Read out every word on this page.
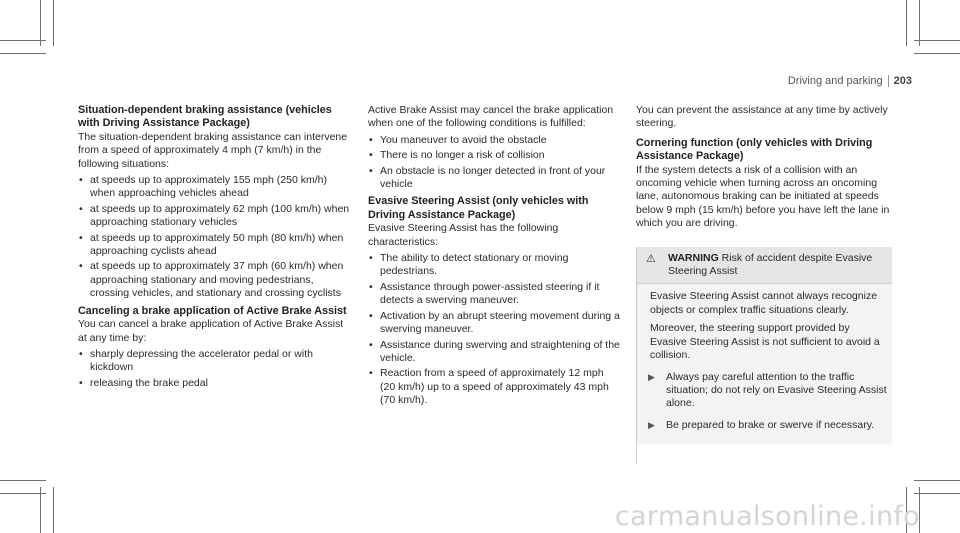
Driving and parking 203
Situation-dependent braking assistance (vehicles with Driving Assistance Package)

The situation-dependent braking assistance can intervene from a speed of approximately 4 mph (7 km/h) in the following situations:

• at speeds up to approximately 155 mph (250 km/h) when approaching vehicles ahead
• at speeds up to approximately 62 mph (100 km/h) when approaching stationary vehicles
• at speeds up to approximately 50 mph (80 km/h) when approaching cyclists ahead
• at speeds up to approximately 37 mph (60 km/h) when approaching stationary and moving pedestrians, crossing vehicles, and stationary and crossing cyclists
Canceling a brake application of Active Brake Assist

You can cancel a brake application of Active Brake Assist at any time by:

• sharply depressing the accelerator pedal or with kickdown
• releasing the brake pedal

Active Brake Assist may cancel the brake application when one of the following conditions is fulfilled:

• You maneuver to avoid the obstacle
• There is no longer a risk of collision
• An obstacle is no longer detected in front of your vehicle
Evasive Steering Assist (only vehicles with Driving Assistance Package)

Evasive Steering Assist has the following characteristics:

• The ability to detect stationary or moving pedestrians.
• Assistance through power-assisted steering if it detects a swerving maneuver.
• Activation by an abrupt steering movement during a swerving maneuver.
• Assistance during swerving and straightening of the vehicle.
• Reaction from a speed of approximately 12 mph (20 km/h) up to a speed of approximately 43 mph (70 km/h).

You can prevent the assistance at any time by actively steering.

Cornering function (only vehicles with Driving Assistance Package)

If the system detects a risk of a collision with an oncoming vehicle when turning across an oncoming lane, autonomous braking can be initiated at speeds below 9 mph (15 km/h) before you have left the lane in which you are driving.

⚠ WARNING Risk of accident despite Evasive Steering Assist

Evasive Steering Assist cannot always recognize objects or complex traffic situations clearly.

Moreover, the steering support provided by Evasive Steering Assist is not sufficient to avoid a collision.

▶ Always pay careful attention to the traffic situation; do not rely on Evasive Steering Assist alone.
▶ Be prepared to brake or swerve if necessary.
carmanualsonline.info
